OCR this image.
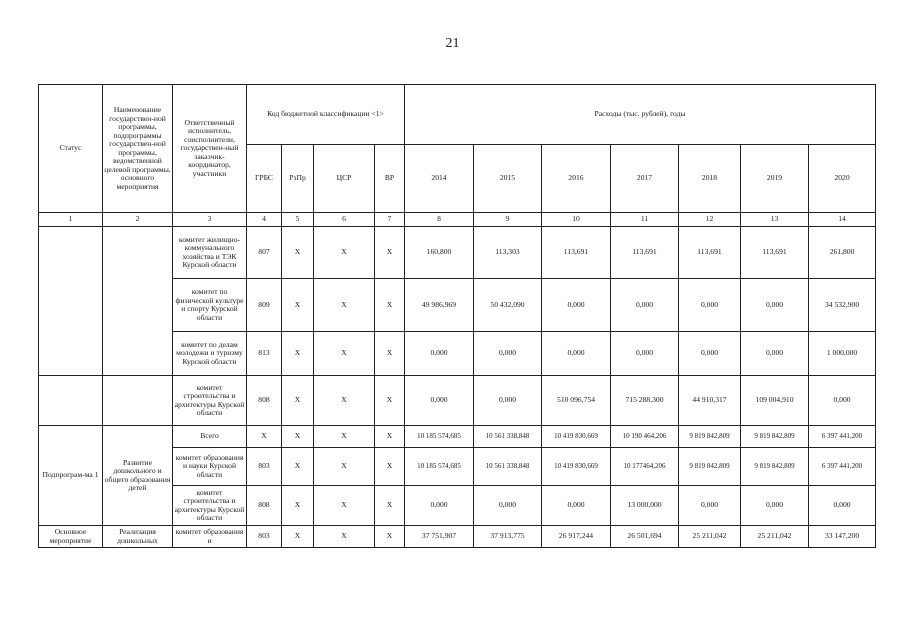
21
Статус	Наименование государствен-ной программы, подпрограммы государствен-ной программы, ведомственной целевой программы, основного мероприятия	Ответственный исполнитель, соисполнители, государствен-ный заказчик-координатор, участники	Код бюджетной классификации <1>				Расходы (тыс. рублей), годы						
			ГРБС	РзПр	ЦСР	ВР	2014	2015	2016	2017	2018	2019	2020
1	2	3	4	5	6	7	8	9	10	11	12	13	14
		комитет жилищно-коммунального хозяйства и ТЭК Курской области	807	X	X	X	160,800	113,303	113,691	113,691	113,691	113,691	261,800
		комитет по физической культуре и спорту Курской области	809	X	X	X	49 986,969	50 432,090	0,000	0,000	0,000	0,000	34 532,900
		комитет по делам молодежи и туризму Курской области	813	X	X	X	0,000	0,000	0,000	0,000	0,000	0,000	1 000,000
		комитет строительства и архитектуры Курской области	808	X	X	X	0,000	0,000	510 096,754	715 288,300	44 910,317	109 004,910	0,000
Подпрограм-ма 1	Развитие дошкольного и общего образования детей	Всего	X	X	X	X	10 185 574,685	10 561 338,848	10 419 830,669	10 190 464,206	9 819 842,809	9 819 842,809	6 397 441,200
		комитет образования и науки Курской области	803	X	X	X	10 185 574,685	10 561 338,848	10 419 830,669	10 177464,206	9 819 842,809	9 819 842,809	6 397 441,200
		комитет строительства и архитектуры Курской области	808	X	X	X	0,000	0,000	0,000	13 000,000	0,000	0,000	0,000
Основное мероприятие	Реализация дошкольных	комитет образования и	803	X	X	X	37 751,907	37 913,775	26 917,244	26 501,694	25 211,042	25 211,042	33 147,200
